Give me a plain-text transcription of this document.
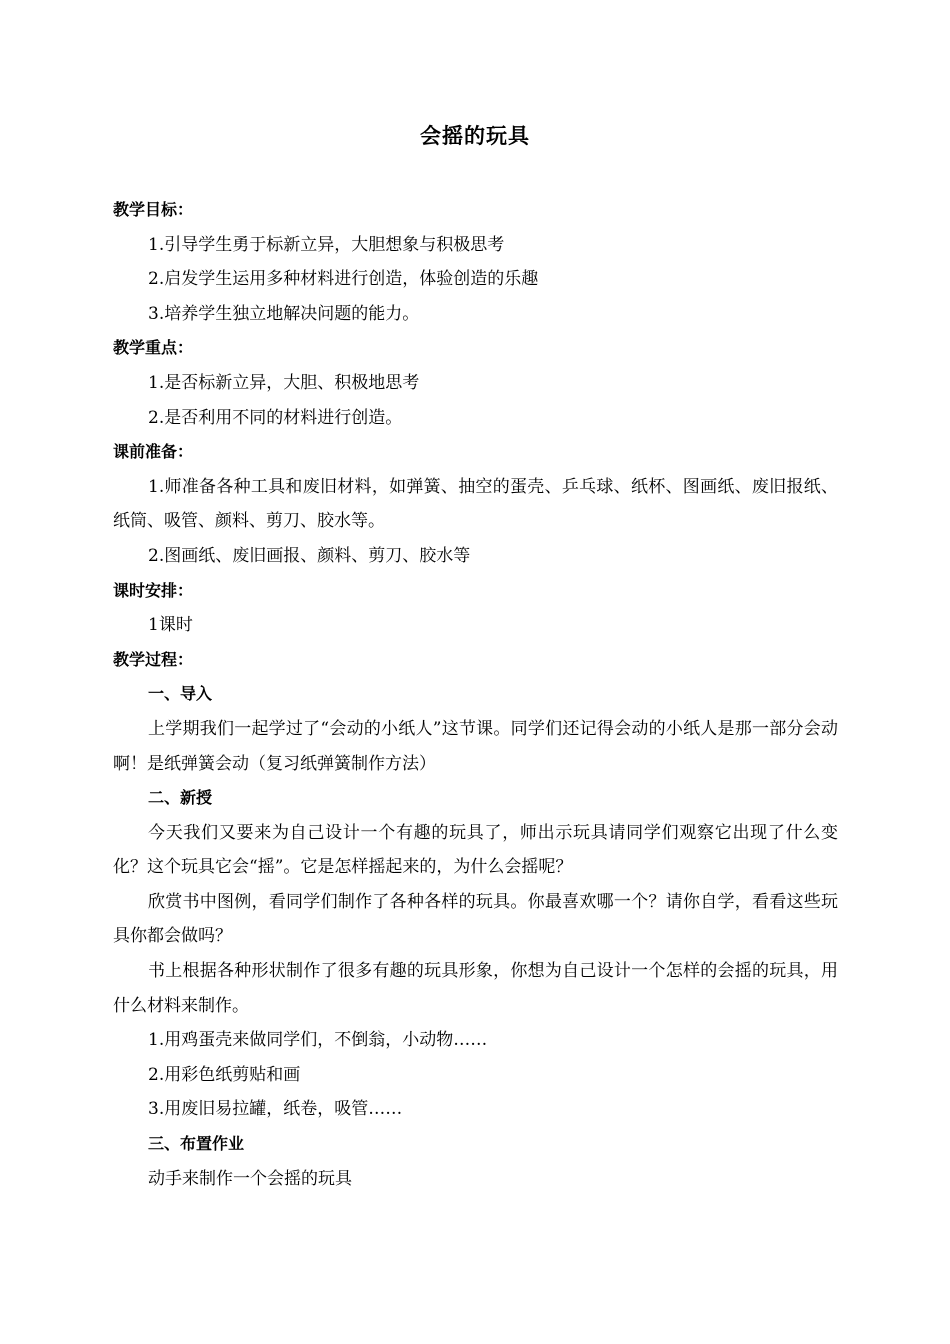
会摇的玩具
教学目标：
1.引导学生勇于标新立异，大胆想象与积极思考
2.启发学生运用多种材料进行创造，体验创造的乐趣
3.培养学生独立地解决问题的能力。
教学重点：
1.是否标新立异，大胆、积极地思考
2.是否利用不同的材料进行创造。
课前准备：
1.师准备各种工具和废旧材料，如弹簧、抽空的蛋壳、乒乓球、纸杯、图画纸、废旧报纸、纸筒、吸管、颜料、剪刀、胶水等。
2.图画纸、废旧画报、颜料、剪刀、胶水等
课时安排：
1课时
教学过程：
一、导入
上学期我们一起学过了“会动的小纸人”这节课。同学们还记得会动的小纸人是那一部分会动啊！是纸弹簧会动（复习纸弹簧制作方法）
二、新授
今天我们又要来为自己设计一个有趣的玩具了，师出示玩具请同学们观察它出现了什么变化？这个玩具它会“摇”。它是怎样摇起来的，为什么会摇呢？
欣赏书中图例，看同学们制作了各种各样的玩具。你最喜欢哪一个？请你自学，看看这些玩具你都会做吗？
书上根据各种形状制作了很多有趣的玩具形象，你想为自己设计一个怎样的会摇的玩具，用什么材料来制作。
1.用鸡蛋壳来做同学们，不倒翁，小动物……
2.用彩色纸剪贴和画
3.用废旧易拉罐，纸卷，吸管……
三、布置作业
动手来制作一个会摇的玩具
